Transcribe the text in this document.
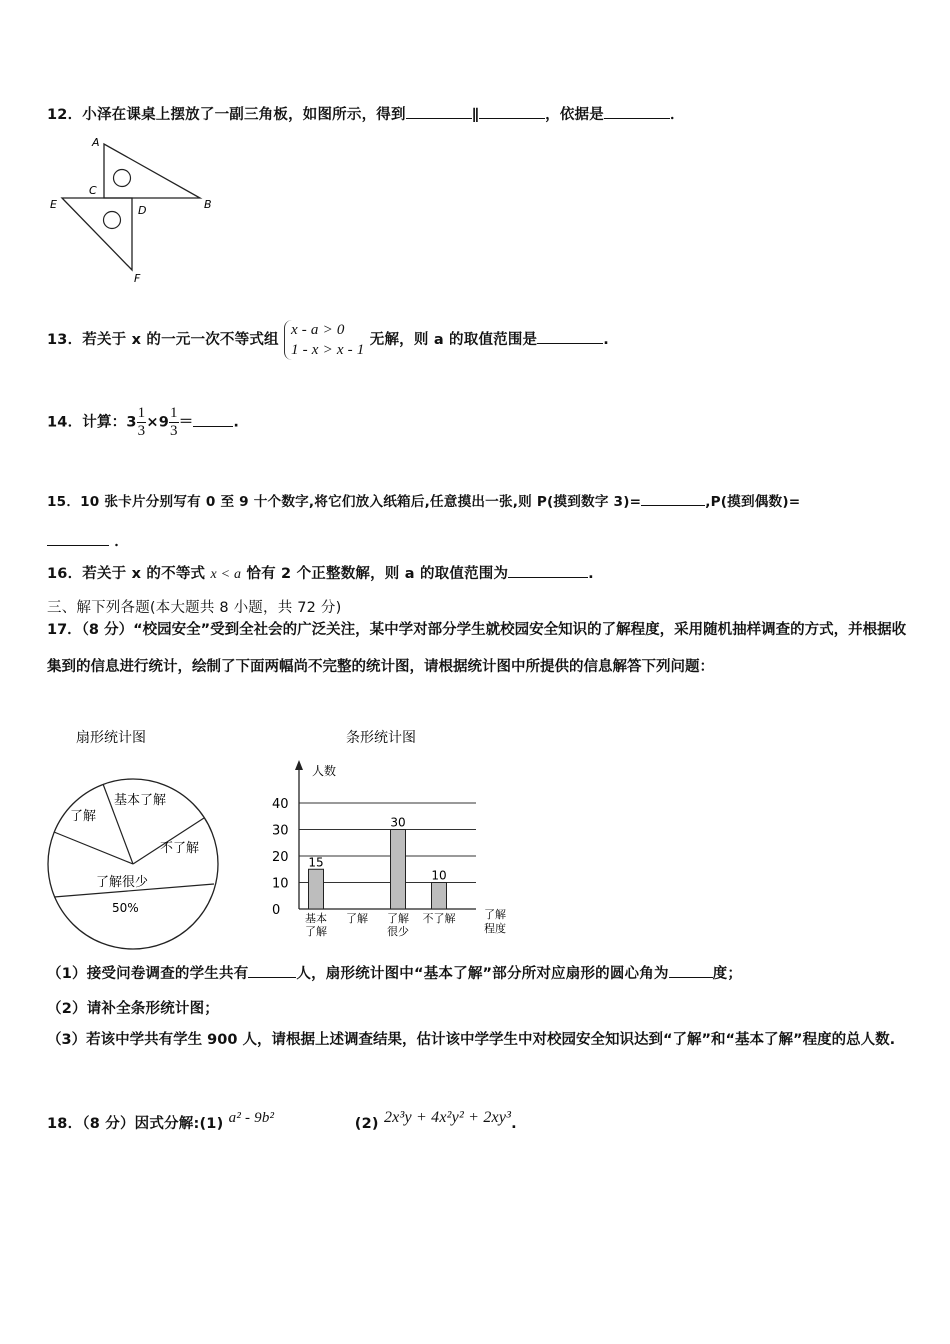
12．小泽在课桌上摆放了一副三角板，如图所示，得到	∥	，依据是	．
A
C
E	D	B
F
13．若关于 x 的一元一次不等式组
x - a > 0
1 - x > x - 1
无解，则 a 的取值范围是	.
14．计算：$3 \frac{1}{3} \times 9 \frac{1}{3}$ ＝	.
15．10 张卡片分别写有 0 至 9 十个数字,将它们放入纸箱后,任意摸出一张,则 P(摸到数字 3)=	,P(摸到偶数)=
．
16．若关于 x 的不等式 x < a 恰有 2 个正整数解，则 a 的取值范围为	.
三、解下列各题(本大题共 8 小题，共 72 分)
17．（8 分）“校园安全”受到全社会的广泛关注，某中学对部分学生就校园安全知识的了解程度，采用随机抽样调查的方式，并根据收集到的信息进行统计，绘制了下面两幅尚不完整的统计图，请根据统计图中所提供的信息解答下列问题：
扇形统计图
了解
基本了解
不了解
了解很少
50%
条形统计图
人数
0
10
20
30
40
15
30
10
基本了解
了解 了解很少
不了解	了解程度
（1）接受问卷调查的学生共有	人，扇形统计图中“基本了解”部分所对应扇形的圆心角为	度；
（2）请补全条形统计图；
（3）若该中学共有学生 900 人，请根据上述调查结果，估计该中学学生中对校园安全知识达到“了解”和“基本了解”程度的总人数.
18．（8 分）因式分解:(1) a² - 9b²	(2) 2x³y + 4x²y² + 2xy³.
